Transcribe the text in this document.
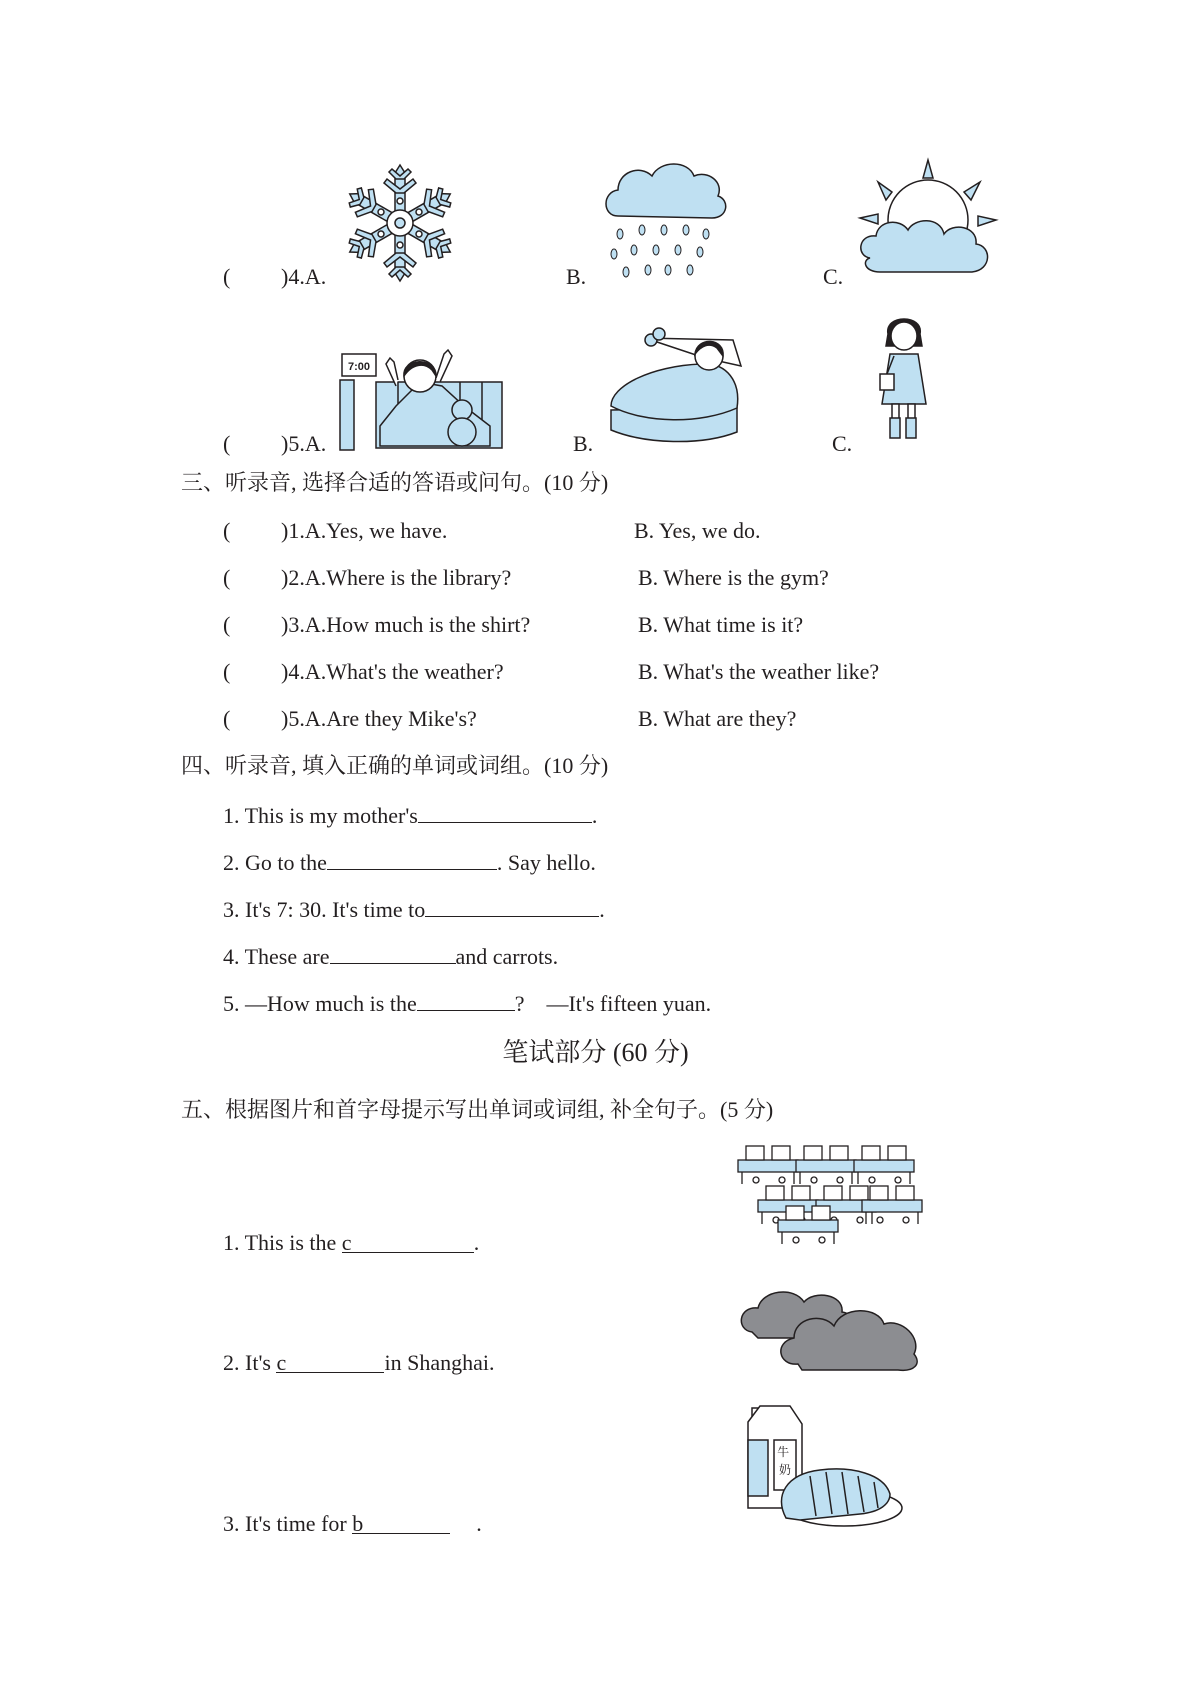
( )4.A.	B.	C.
( )5.A.	B.	C.
7:00
三、听录音, 选择合适的答语或问句。(10 分)
( )1.A.Yes, we have.	B. Yes, we do.
( )2.A.Where is the library?	B. Where is the gym?
( )3.A.How much is the shirt?	B. What time is it?
( )4.A.What's the weather?	B. What's the weather like?
( )5.A.Are they Mike's?	B. What are they?
四、听录音, 填入正确的单词或词组。(10 分)
1. This is my mother's	.
2. Go to the	. Say hello.
3. It's 7: 30. It's time to	.
4. These are	and carrots.
5. —How much is the	?    —It's fifteen yuan.
笔试部分 (60 分)
五、根据图片和首字母提示写出单词或词组, 补全句子。(5 分)
1. This is the c	.
2. It's c	in Shanghai.
3. It's time for b	.
牛 奶
